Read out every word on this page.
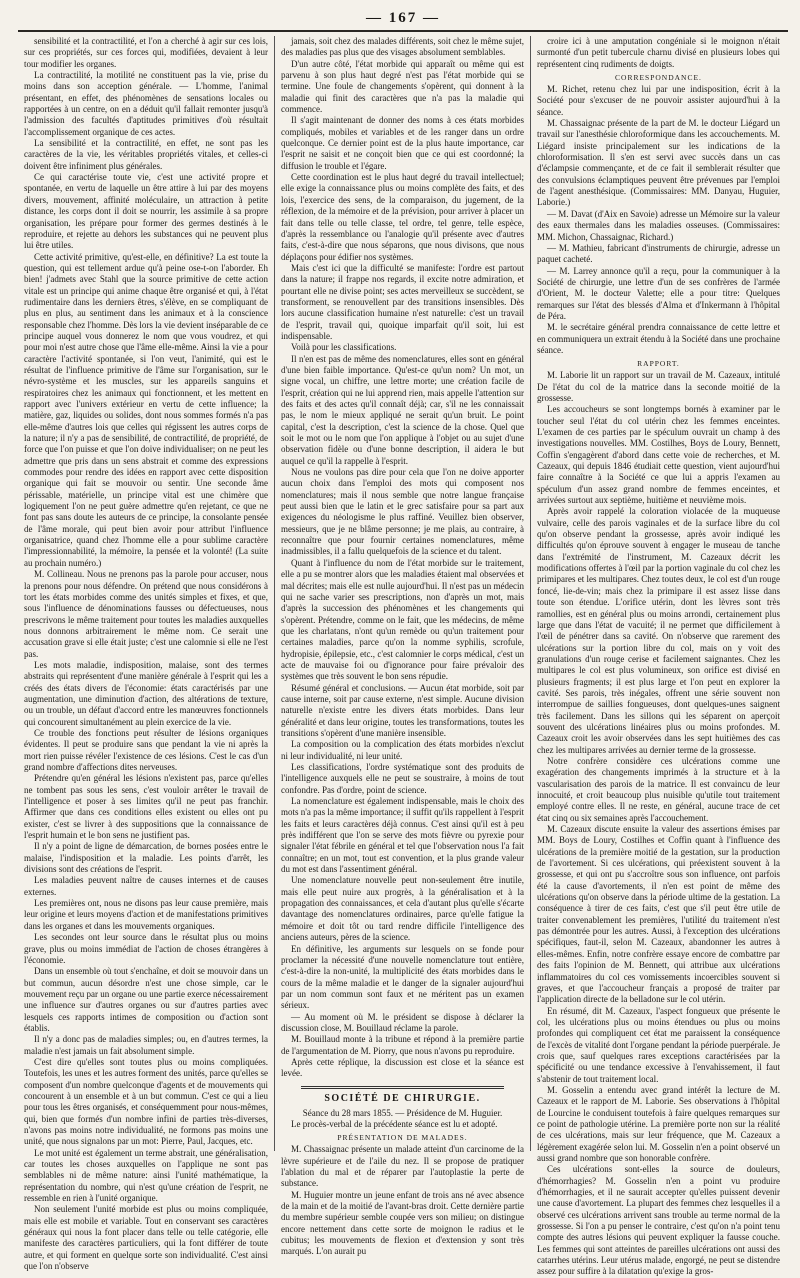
— 167 —

sensibilité et la contractilité, et l'on a cherché à agir sur ces lois, sur ces propriétés, sur ces forces qui, modifiées, devaient à leur tour modifier les organes.

La contractilité, la motilité ne constituent pas la vie, prise du moins dans son acception générale. — L'homme, l'animal présentant, en effet, des phénomènes de sensations locales ou rapportées à un centre, on en a déduit qu'il fallait remonter jusqu'à l'admission des facultés d'aptitudes primitives d'où résultait l'accomplissement organique de ces actes.

La sensibilité et la contractilité, en effet, ne sont pas les caractères de la vie, les véritables propriétés vitales, et celles-ci doivent être infiniment plus générales.

Ce qui caractérise toute vie, c'est une activité propre et spontanée, en vertu de laquelle un être attire à lui par des moyens divers, mouvement, affinité moléculaire, un attraction à petite distance, les corps dont il doit se nourrir, les assimile à sa propre organisation, les prépare pour former des germes destinés à le reproduire, et rejette au dehors les substances qui ne peuvent plus lui être utiles.

Cette activité primitive, qu'est-elle, en définitive? La est toute la question, qui est tellement ardue qu'à peine ose-t-on l'aborder. Eh bien! j'admets avec Stahl que la source primitive de cette action vitale est un principe qui anime chaque être organisé et qui, à l'état rudimentaire dans les derniers êtres, s'élève, en se compliquant de plus en plus, au sentiment dans les animaux et à la conscience responsable chez l'homme. Dès lors la vie devient inséparable de ce principe auquel vous donnerez le nom que vous voudrez, et qui pour moi n'est autre chose que l'âme elle-même. Ainsi la vie a pour caractère l'activité spontanée, si l'on veut, l'animité, qui est le résultat de l'influence primitive de l'âme sur l'organisation, sur le névro-système et les muscles, sur les appareils sanguins et respiratoires chez les animaux qui fonctionnent, et les mettent en rapport avec l'univers extérieur en vertu de cette influence; la matière, gaz, liquides ou solides, dont nous sommes formés n'a pas elle-même d'autres lois que celles qui régissent les autres corps de la nature; il n'y a pas de sensibilité, de contractilité, de propriété, de force que l'on puisse et que l'on doive individualiser; on ne peut les admettre que pris dans un sens abstrait et comme des expressions commodes pour rendre des idées en rapport avec cette disposition organique qui fait se mouvoir ou sentir. Une seconde âme périssable, matérielle, un principe vital est une chimère que logiquement l'on ne peut guère admettre qu'en rejetant, ce que ne font pas sans doute les auteurs de ce principe, la consolante pensée de l'âme morale, qui peut bien avoir pour attribut l'influence organisatrice, quand chez l'homme elle a pour sublime caractère l'impressionnabilité, la mémoire, la pensée et la volonté! (La suite au prochain numéro.)

M. Collineau. Nous ne prenons pas la parole pour accuser, nous la prenons pour nous défendre. On prétend que nous considérons à tort les états morbides comme des unités simples et fixes, et que, sous l'influence de dénominations fausses ou défectueuses, nous prescrivons le même traitement pour toutes les maladies auxquelles nous donnons arbitrairement le même nom. Ce serait une accusation grave si elle était juste; c'est une calomnie si elle ne l'est pas.

Les mots maladie, indisposition, malaise, sont des termes abstraits qui représentent d'une manière générale à l'esprit qui les a créés des états divers de l'économie: états caractérisés par une augmentation, une diminution d'action, des altérations de texture, ou un trouble, un défaut d'accord entre les manœuvres fonctionnels qui concourent simultanément au plein exercice de la vie.

Ce trouble des fonctions peut résulter de lésions organiques évidentes. Il peut se produire sans que pendant la vie ni après la mort rien puisse révéler l'existence de ces lésions. C'est le cas d'un grand nombre d'affections dites nerveuses.

Prétendre qu'en général les lésions n'existent pas, parce qu'elles ne tombent pas sous les sens, c'est vouloir arrêter le travail de l'intelligence et poser à ses limites qu'il ne peut pas franchir. Affirmer que dans ces conditions elles existent ou elles ont pu exister, c'est se livrer à des suppositions que la connaissance de l'esprit humain et le bon sens ne justifient pas.

Il n'y a point de ligne de démarcation, de bornes posées entre le malaise, l'indisposition et la maladie. Les points d'arrêt, les divisions sont des créations de l'esprit.

Les maladies peuvent naître de causes internes et de causes externes.

Les premières ont, nous ne disons pas leur cause première, mais leur origine et leurs moyens d'action et de manifestations primitives dans les organes et dans les mouvements organiques.

Les secondes ont leur source dans le résultat plus ou moins grave, plus ou moins immédiat de l'action de choses étrangères à l'économie.

Dans un ensemble où tout s'enchaîne, et doit se mouvoir dans un but commun, aucun désordre n'est une chose simple, car le mouvement reçu par un organe ou une partie exerce nécessairement une influence sur d'autres organes ou sur d'autres parties avec lesquels ces rapports intimes de composition ou d'action sont établis.

Il n'y a donc pas de maladies simples; ou, en d'autres termes, la maladie n'est jamais un fait absolument simple.

C'est dire qu'elles sont toutes plus ou moins compliquées. Toutefois, les unes et les autres forment des unités, parce qu'elles se composent d'un nombre quelconque d'agents et de mouvements qui concourent à un ensemble et à un but commun. C'est ce qui a lieu pour tous les êtres organisés, et conséquemment pour nous-mêmes, qui, bien que formés d'un nombre infini de parties très-diverses, n'avons pas moins notre individualité, ne formons pas moins une unité, que nous signalons par un mot: Pierre, Paul, Jacques, etc.

Le mot unité est également un terme abstrait, une généralisation, car toutes les choses auxquelles on l'applique ne sont pas semblables ni de même nature: ainsi l'unité mathématique, la représentation du nombre, qui n'est qu'une création de l'esprit, ne ressemble en rien à l'unité organique.

Non seulement l'unité morbide est plus ou moins compliquée, mais elle est mobile et variable. Tout en conservant ses caractères généraux qui nous la font placer dans telle ou telle catégorie, elle manifeste des caractères particuliers, qui la font différer de toute autre, et qui forment en quelque sorte son individualité. C'est ainsi que l'on n'observe

jamais, soit chez des malades différents, soit chez le même sujet, des maladies pas plus que des visages absolument semblables.

D'un autre côté, l'état morbide qui apparaît ou même qui est parvenu à son plus haut degré n'est pas l'état morbide qui se termine. Une foule de changements s'opèrent, qui donnent à la maladie qui finit des caractères que n'a pas la maladie qui commence.

Il s'agit maintenant de donner des noms à ces états morbides compliqués, mobiles et variables et de les ranger dans un ordre quelconque. Ce dernier point est de la plus haute importance, car l'esprit ne saisit et ne conçoit bien que ce qui est coordonné; la diffusion le trouble et l'égare.

Cette coordination est le plus haut degré du travail intellectuel; elle exige la connaissance plus ou moins complète des faits, et des lois, l'exercice des sens, de la comparaison, du jugement, de la réflexion, de la mémoire et de la prévision, pour arriver à placer un fait dans telle ou telle classe, tel ordre, tel genre, telle espèce, d'après la ressemblance ou l'analogie qu'il présente avec d'autres faits, c'est-à-dire que nous séparons, que nous divisons, que nous déplaçons pour édifier nos systèmes.

Mais c'est ici que la difficulté se manifeste: l'ordre est partout dans la nature; il frappe nos regards, il excite notre admiration, et pourtant elle ne divise point; ses actes merveilleux se succèdent, se transforment, se renouvellent par des transitions insensibles. Dès lors aucune classification humaine n'est naturelle: c'est un travail de l'esprit, travail qui, quoique imparfait qu'il soit, lui est indispensable.

Voilà pour les classifications.

Il n'en est pas de même des nomenclatures, elles sont en général d'une bien faible importance. Qu'est-ce qu'un nom? Un mot, un signe vocal, un chiffre, une lettre morte; une création facile de l'esprit, création qui ne lui apprend rien, mais appelle l'attention sur des faits et des actes qu'il connaît déjà; car, s'il ne les connaissait pas, le nom le mieux appliqué ne serait qu'un bruit. Le point capital, c'est la description, c'est la science de la chose. Quel que soit le mot ou le nom que l'on applique à l'objet ou au sujet d'une observation fidèle ou d'une bonne description, il aidera le but auquel ce qu'il la rappelle à l'esprit.

Nous ne voulons pas dire pour cela que l'on ne doive apporter aucun choix dans l'emploi des mots qui composent nos nomenclatures; mais il nous semble que notre langue française peut aussi bien que le latin et le grec satisfaire pour sa part aux exigences du néologisme le plus raffiné. Veuillez bien observer, messieurs, que je ne blâme personne; je me plais, au contraire, à reconnaître que pour fournir certaines nomenclatures, même inadmissibles, il a fallu quelquefois de la science et du talent.

Quant à l'influence du nom de l'état morbide sur le traitement, elle a pu se montrer alors que les maladies étaient mal observées et mal décrites; mais elle est nulle aujourd'hui. Il n'est pas un médecin qui ne sache varier ses prescriptions, non d'après un mot, mais d'après la succession des phénomènes et les changements qui s'opèrent. Prétendre, comme on le fait, que les médecins, de même que les charlatans, n'ont qu'un remède ou qu'un traitement pour certaines maladies, parce qu'on la nomme syphilis, scrofule, hydropisie, épilepsie, etc., c'est calomnier le corps médical, c'est un acte de mauvaise foi ou d'ignorance pour faire prévaloir des systèmes que très souvent le bon sens répudie.

Résumé général et conclusions. — Aucun état morbide, soit par cause interne, soit par cause externe, n'est simple. Aucune division naturelle n'existe entre les divers états morbides. Dans leur généralité et dans leur origine, toutes les transformations, toutes les transitions s'opèrent d'une manière insensible.

La composition ou la complication des états morbides n'exclut ni leur individualité, ni leur unité.

Les classifications, l'ordre systématique sont des produits de l'intelligence auxquels elle ne peut se soustraire, à moins de tout confondre. Pas d'ordre, point de science.

La nomenclature est également indispensable, mais le choix des mots n'a pas la même importance; il suffit qu'ils rappellent à l'esprit les faits et leurs caractères déjà connus. C'est ainsi qu'il est à peu près indifférent que l'on se serve des mots fièvre ou pyrexie pour signaler l'état fébrile en général et tel que l'observation nous l'a fait connaître; en un mot, tout est convention, et la plus grande valeur du mot est dans l'assentiment général.

Une nomenclature nouvelle peut non-seulement être inutile, mais elle peut nuire aux progrès, à la généralisation et à la propagation des connaissances, et cela d'autant plus qu'elle s'écarte davantage des nomenclatures ordinaires, parce qu'elle fatigue la mémoire et doit tôt ou tard rendre difficile l'intelligence des anciens auteurs, pères de la science.

En définitive, les arguments sur lesquels on se fonde pour proclamer la nécessité d'une nouvelle nomenclature tout entière, c'est-à-dire la non-unité, la multiplicité des états morbides dans le cours de la même maladie et le danger de la signaler aujourd'hui par un nom commun sont faux et ne méritent pas un examen sérieux.

— Au moment où M. le président se dispose à déclarer la discussion close, M. Bouillaud réclame la parole.

M. Bouillaud monte à la tribune et répond à la première partie de l'argumentation de M. Piorry, que nous n'avons pu reproduire.

Après cette réplique, la discussion est close et la séance est levée.

SOCIÉTÉ DE CHIRURGIE.

Séance du 28 mars 1855. — Présidence de M. Huguier.

Le procès-verbal de la précédente séance est lu et adopté.

PRÉSENTATION DE MALADES.

M. Chassaignac présente un malade atteint d'un carcinome de la lèvre supérieure et de l'aile du nez. Il se propose de pratiquer l'ablation du mal et de réparer par l'autoplastie la perte de substance.

M. Huguier montre un jeune enfant de trois ans né avec absence de la main et de la moitié de l'avant-bras droit. Cette dernière partie du membre supérieur semble coupée vers son milieu; on distingue encore nettement dans cette sorte de moignon le radius et le cubitus; les mouvements de flexion et d'extension y sont très marqués. L'on aurait pu

croire ici à une amputation congéniale si le moignon n'était surmonté d'un petit tubercule charnu divisé en plusieurs lobes qui représentent cinq rudiments de doigts.

CORRESPONDANCE.

M. Richet, retenu chez lui par une indisposition, écrit à la Société pour s'excuser de ne pouvoir assister aujourd'hui à la séance.

M. Chassaignac présente de la part de M. le docteur Liégard un travail sur l'anesthésie chloroformique dans les accouchements. M. Liégard insiste principalement sur les indications de la chloroformisation. Il s'en est servi avec succès dans un cas d'éclampsie commençante, et de ce fait il semblerait résulter que des convulsions éclamptiques peuvent être prévenues par l'emploi de l'agent anesthésique. (Commissaires: MM. Danyau, Huguier, Laborie.)

— M. Davat (d'Aix en Savoie) adresse un Mémoire sur la valeur des eaux thermales dans les maladies osseuses. (Commissaires: MM. Michon, Chassaignac, Richard.)

— M. Mathieu, fabricant d'instruments de chirurgie, adresse un paquet cacheté.

— M. Larrey annonce qu'il a reçu, pour la communiquer à la Société de chirurgie, une lettre d'un de ses confrères de l'armée d'Orient, M. le docteur Valette; elle a pour titre: Quelques remarques sur l'état des blessés d'Alma et d'Inkermann à l'hôpital de Péra.

M. le secrétaire général prendra connaissance de cette lettre et en communiquera un extrait étendu à la Société dans une prochaine séance.

RAPPORT.

M. Laborie lit un rapport sur un travail de M. Cazeaux, intitulé De l'état du col de la matrice dans la seconde moitié de la grossesse.

Les accoucheurs se sont longtemps bornés à examiner par le toucher seul l'état du col utérin chez les femmes enceintes. L'examen de ces parties par le spéculum ouvrait un champ à des investigations nouvelles. MM. Costilhes, Boys de Loury, Bennett, Coffin s'engagèrent d'abord dans cette voie de recherches, et M. Cazeaux, qui depuis 1846 étudiait cette question, vient aujourd'hui faire connaître à la Société ce que lui a appris l'examen au spéculum d'un assez grand nombre de femmes enceintes, et arrivées surtout aux septième, huitième et neuvième mois.

Après avoir rappelé la coloration violacée de la muqueuse vulvaire, celle des parois vaginales et de la surface libre du col qu'on observe pendant la grossesse, après avoir indiqué les difficultés qu'on éprouve souvent à engager le museau de tanche dans l'extrémité de l'instrument, M. Cazeaux décrit les modifications offertes à l'œil par la portion vaginale du col chez les primipares et les multipares. Chez toutes deux, le col est d'un rouge foncé, lie-de-vin; mais chez la primipare il est assez lisse dans toute son étendue. L'orifice utérin, dont les lèvres sont très ramollies, est en général plus ou moins arrondi, certainement plus large que dans l'état de vacuité; il ne permet que difficilement à l'œil de pénétrer dans sa cavité. On n'observe que rarement des ulcérations sur la portion libre du col, mais on y voit des granulations d'un rouge cerise et facilement saignantes. Chez les multipares le col est plus volumineux, son orifice est divisé en plusieurs fragments; il est plus large et l'on peut en explorer la cavité. Ses parois, très inégales, offrent une série souvent non interrompue de saillies fongueuses, dont quelques-unes saignent très facilement. Dans les sillons qui les séparent on aperçoit souvent des ulcérations linéaires plus ou moins profondes. M. Cazeaux croit les avoir observées dans les sept huitièmes des cas chez les multipares arrivées au dernier terme de la grossesse.

Notre confrère considère ces ulcérations comme une exagération des changements imprimés à la structure et à la vascularisation des parois de la matrice. Il est convaincu de leur innocuité, et croit beaucoup plus nuisible qu'utile tout traitement employé contre elles. Il ne reste, en général, aucune trace de cet état cinq ou six semaines après l'accouchement.

M. Cazeaux discute ensuite la valeur des assertions émises par MM. Boys de Loury, Costilhes et Coffin quant à l'influence des ulcérations de la première moitié de la gestation, sur la production de l'avortement. Si ces ulcérations, qui préexistent souvent à la grossesse, et qui ont pu s'accroître sous son influence, ont parfois été la cause d'avortements, il n'en est point de même des ulcérations qu'on observe dans la période ultime de la gestation. La conséquence à tirer de ces faits, c'est que s'il peut être utile de traiter convenablement les premières, l'utilité du traitement n'est pas démontrée pour les autres. Aussi, à l'exception des ulcérations spécifiques, faut-il, selon M. Cazeaux, abandonner les autres à elles-mêmes. Enfin, notre confrère essaye encore de combattre par des faits l'opinion de M. Bennett, qui attribue aux ulcérations inflammatoires du col ces vomissements incoercibles souvent si graves, et que l'accoucheur français a proposé de traiter par l'application directe de la belladone sur le col utérin.

En résumé, dit M. Cazeaux, l'aspect fongueux que présente le col, les ulcérations plus ou moins étendues ou plus ou moins profondes qui compliquent cet état me paraissent la conséquence de l'excès de vitalité dont l'organe pendant la période puerpérale. Je crois que, sauf quelques rares exceptions caractérisées par la spécificité ou une tendance excessive à l'envahissement, il faut s'abstenir de tout traitement local.

M. Gosselin a entendu avec grand intérêt la lecture de M. Cazeaux et le rapport de M. Laborie. Ses observations à l'hôpital de Lourcine le conduisent toutefois à faire quelques remarques sur ce point de pathologie utérine. La première porte non sur la réalité de ces ulcérations, mais sur leur fréquence, que M. Cazeaux a légèrement exagérée selon lui. M. Gosselin n'en a point observé un aussi grand nombre que son honorable confrère.

Ces ulcérations sont-elles la source de douleurs, d'hémorrhagies? M. Gosselin n'en a point vu produire d'hémorrhagies, et il ne saurait accepter qu'elles puissent devenir une cause d'avortement. La plupart des femmes chez lesquelles il a observé ces ulcérations arrivent sans trouble au terme normal de la grossesse. Si l'on a pu penser le contraire, c'est qu'on n'a point tenu compte des autres lésions qui peuvent expliquer la fausse couche. Les femmes qui sont atteintes de pareilles ulcérations ont aussi des catarrhes utérins. Leur utérus malade, engorgé, ne peut se distendre assez pour suffire à la dilatation qu'exige la gros-
